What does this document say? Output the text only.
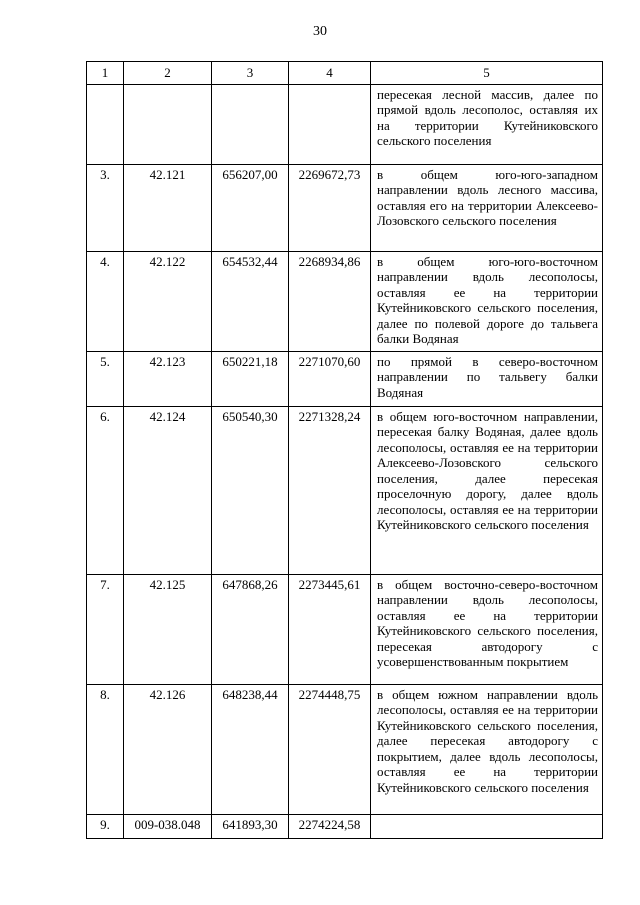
30
1	2	3	4	5
				пересекая лесной массив, далее по прямой вдоль лесополос, оставляя их на территории Кутейниковского сельского поселения
3.	42.121	656207,00	2269672,73	в общем юго-юго-западном направлении вдоль лесного массива, оставляя его на территории Алексеево-Лозовского сельского поселения
4.	42.122	654532,44	2268934,86	в общем юго-юго-восточном направлении вдоль лесополосы, оставляя ее на территории Кутейниковского сельского поселения, далее по полевой дороге до тальвега балки Водяная
5.	42.123	650221,18	2271070,60	по прямой в северо-восточном направлении по тальвегу балки Водяная
6.	42.124	650540,30	2271328,24	в общем юго-восточном направлении, пересекая балку Водяная, далее вдоль лесополосы, оставляя ее на территории Алексеево-Лозовского сельского поселения, далее пересекая проселочную дорогу, далее вдоль лесополосы, оставляя ее на территории Кутейниковского сельского поселения
7.	42.125	647868,26	2273445,61	в общем восточно-северо-восточном направлении вдоль лесополосы, оставляя ее на территории Кутейниковского сельского поселения, пересекая автодорогу с усовершенствованным покрытием
8.	42.126	648238,44	2274448,75	в общем южном направлении вдоль лесополосы, оставляя ее на территории Кутейниковского сельского поселения, далее пересекая автодорогу с покрытием, далее вдоль лесополосы, оставляя ее на территории Кутейниковского сельского поселения
9.	009-038.048	641893,30	2274224,58	
